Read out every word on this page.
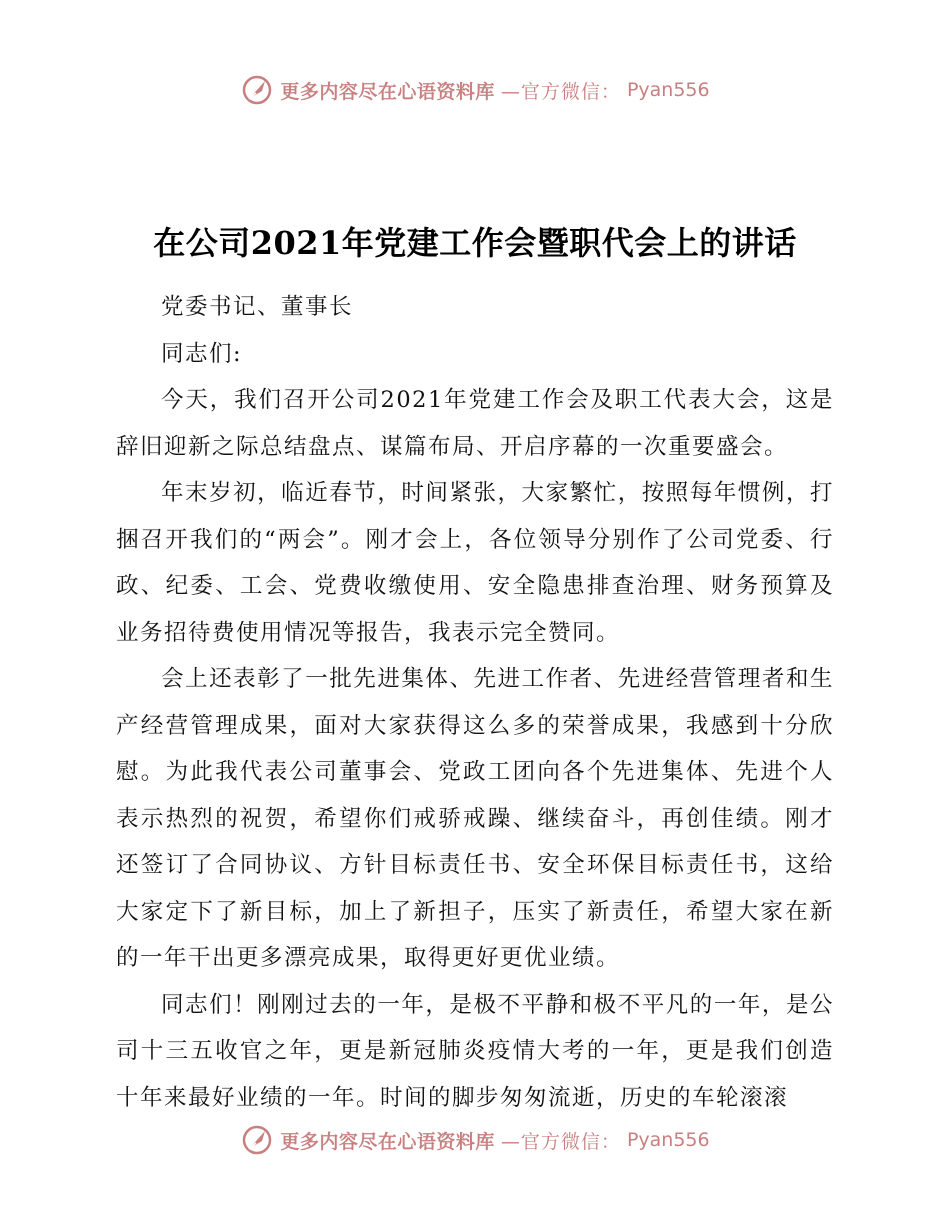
更多内容尽在心语资料库 —官方微信： Pyan556
在公司2021年党建工作会暨职代会上的讲话

党委书记、董事长

同志们:

今天，我们召开公司2021年党建工作会及职工代表大会，这是辞旧迎新之际总结盘点、谋篇布局、开启序幕的一次重要盛会。

年末岁初，临近春节，时间紧张，大家繁忙，按照每年惯例，打捆召开我们的“两会”。刚才会上，各位领导分别作了公司党委、行政、纪委、工会、党费收缴使用、安全隐患排查治理、财务预算及业务招待费使用情况等报告，我表示完全赞同。

会上还表彰了一批先进集体、先进工作者、先进经营管理者和生产经营管理成果，面对大家获得这么多的荣誉成果，我感到十分欣慰。为此我代表公司董事会、党政工团向各个先进集体、先进个人表示热烈的祝贺，希望你们戒骄戒躁、继续奋斗，再创佳绩。刚才还签订了合同协议、方针目标责任书、安全环保目标责任书，这给大家定下了新目标，加上了新担子，压实了新责任，希望大家在新的一年干出更多漂亮成果，取得更好更优业绩。

同志们！刚刚过去的一年，是极不平静和极不平凡的一年，是公司十三五收官之年，更是新冠肺炎疫情大考的一年，更是我们创造十年来最好业绩的一年。时间的脚步匆匆流逝，历史的车轮滚滚

更多内容尽在心语资料库 —官方微信： Pyan556
